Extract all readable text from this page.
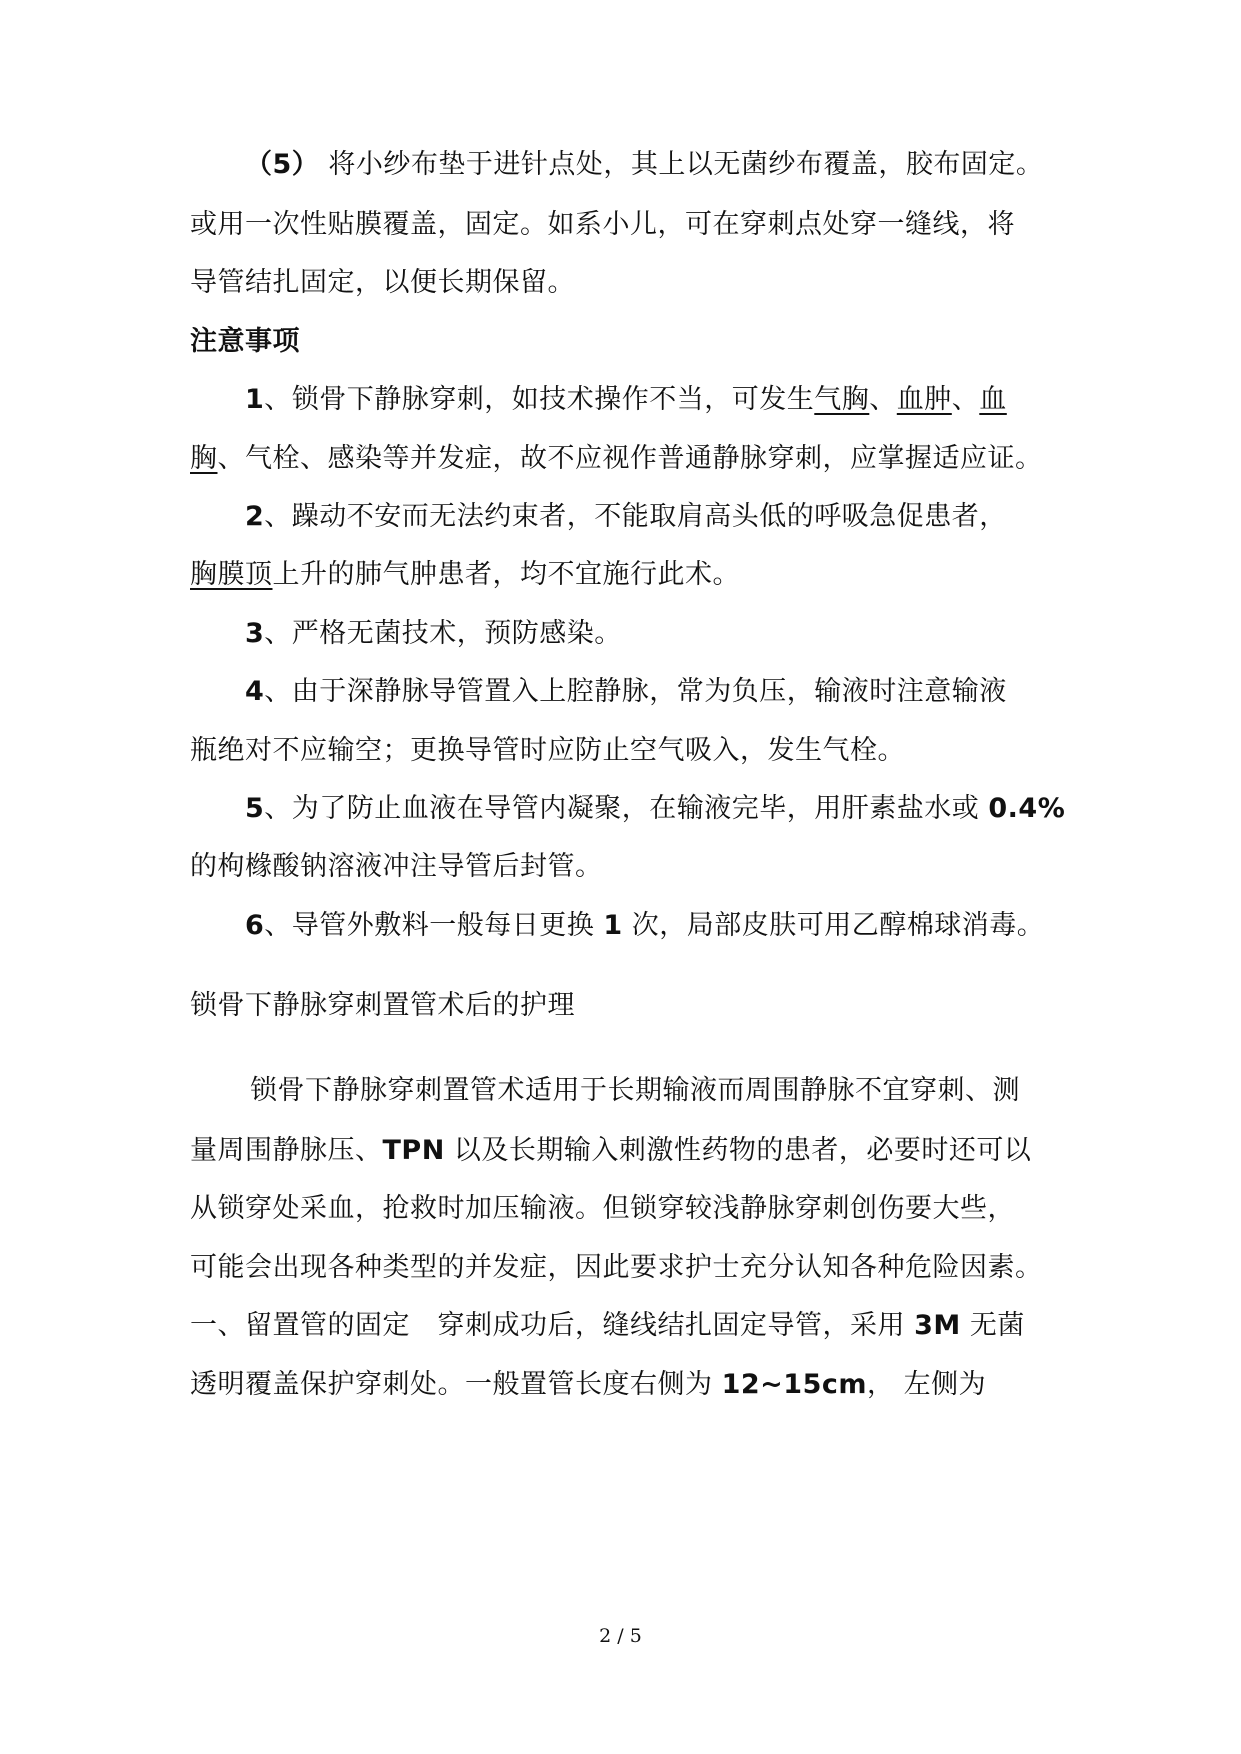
（5） 将小纱布垫于进针点处，其上以无菌纱布覆盖，胶布固定。
或用一次性贴膜覆盖，固定。如系小儿，可在穿刺点处穿一缝线，将
导管结扎固定，以便长期保留。
注意事项
1、锁骨下静脉穿刺，如技术操作不当，可发生气胸、血肿、血
胸、气栓、感染等并发症，故不应视作普通静脉穿刺，应掌握适应证。
2、躁动不安而无法约束者，不能取肩高头低的呼吸急促患者，
胸膜顶上升的肺气肿患者，均不宜施行此术。
3、严格无菌技术，预防感染。
4、由于深静脉导管置入上腔静脉，常为负压，输液时注意输液
瓶绝对不应输空；更换导管时应防止空气吸入，发生气栓。
5、为了防止血液在导管内凝聚，在输液完毕，用肝素盐水或 0.4%
的枸橼酸钠溶液冲注导管后封管。
6、导管外敷料一般每日更换 1 次，局部皮肤可用乙醇棉球消毒。
锁骨下静脉穿刺置管术后的护理
锁骨下静脉穿刺置管术适用于长期输液而周围静脉不宜穿刺、测
量周围静脉压、TPN 以及长期输入刺激性药物的患者，必要时还可以
从锁穿处采血，抢救时加压输液。但锁穿较浅静脉穿刺创伤要大些，
可能会出现各种类型的并发症，因此要求护士充分认知各种危险因素。
一、留置管的固定　穿刺成功后，缝线结扎固定导管，采用 3M 无菌
透明覆盖保护穿刺处。一般置管长度右侧为 12~15cm， 左侧为
2 / 5
